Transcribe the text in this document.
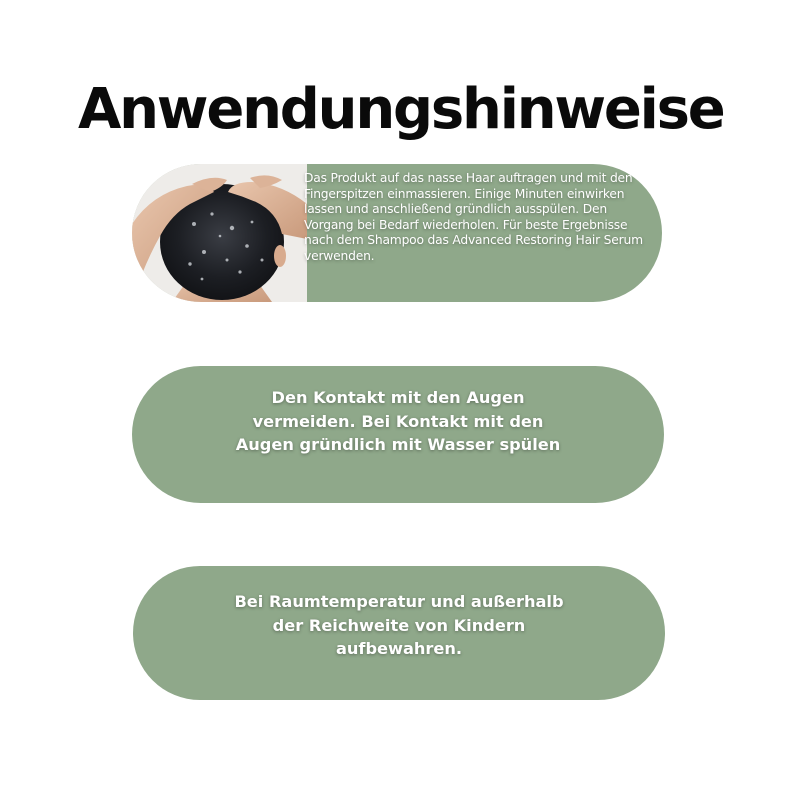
Anwendungshinweise
Das Produkt auf das nasse Haar auftragen und mit den Fingerspitzen einmassieren. Einige Minuten einwirken lassen und anschließend gründlich ausspülen. Den Vorgang bei Bedarf wiederholen. Für beste Ergebnisse nach dem Shampoo das Advanced Restoring Hair Serum verwenden.
Den Kontakt mit den Augen vermeiden. Bei Kontakt mit den Augen gründlich mit Wasser spülen
Bei Raumtemperatur und außerhalb der Reichweite von Kindern aufbewahren.
